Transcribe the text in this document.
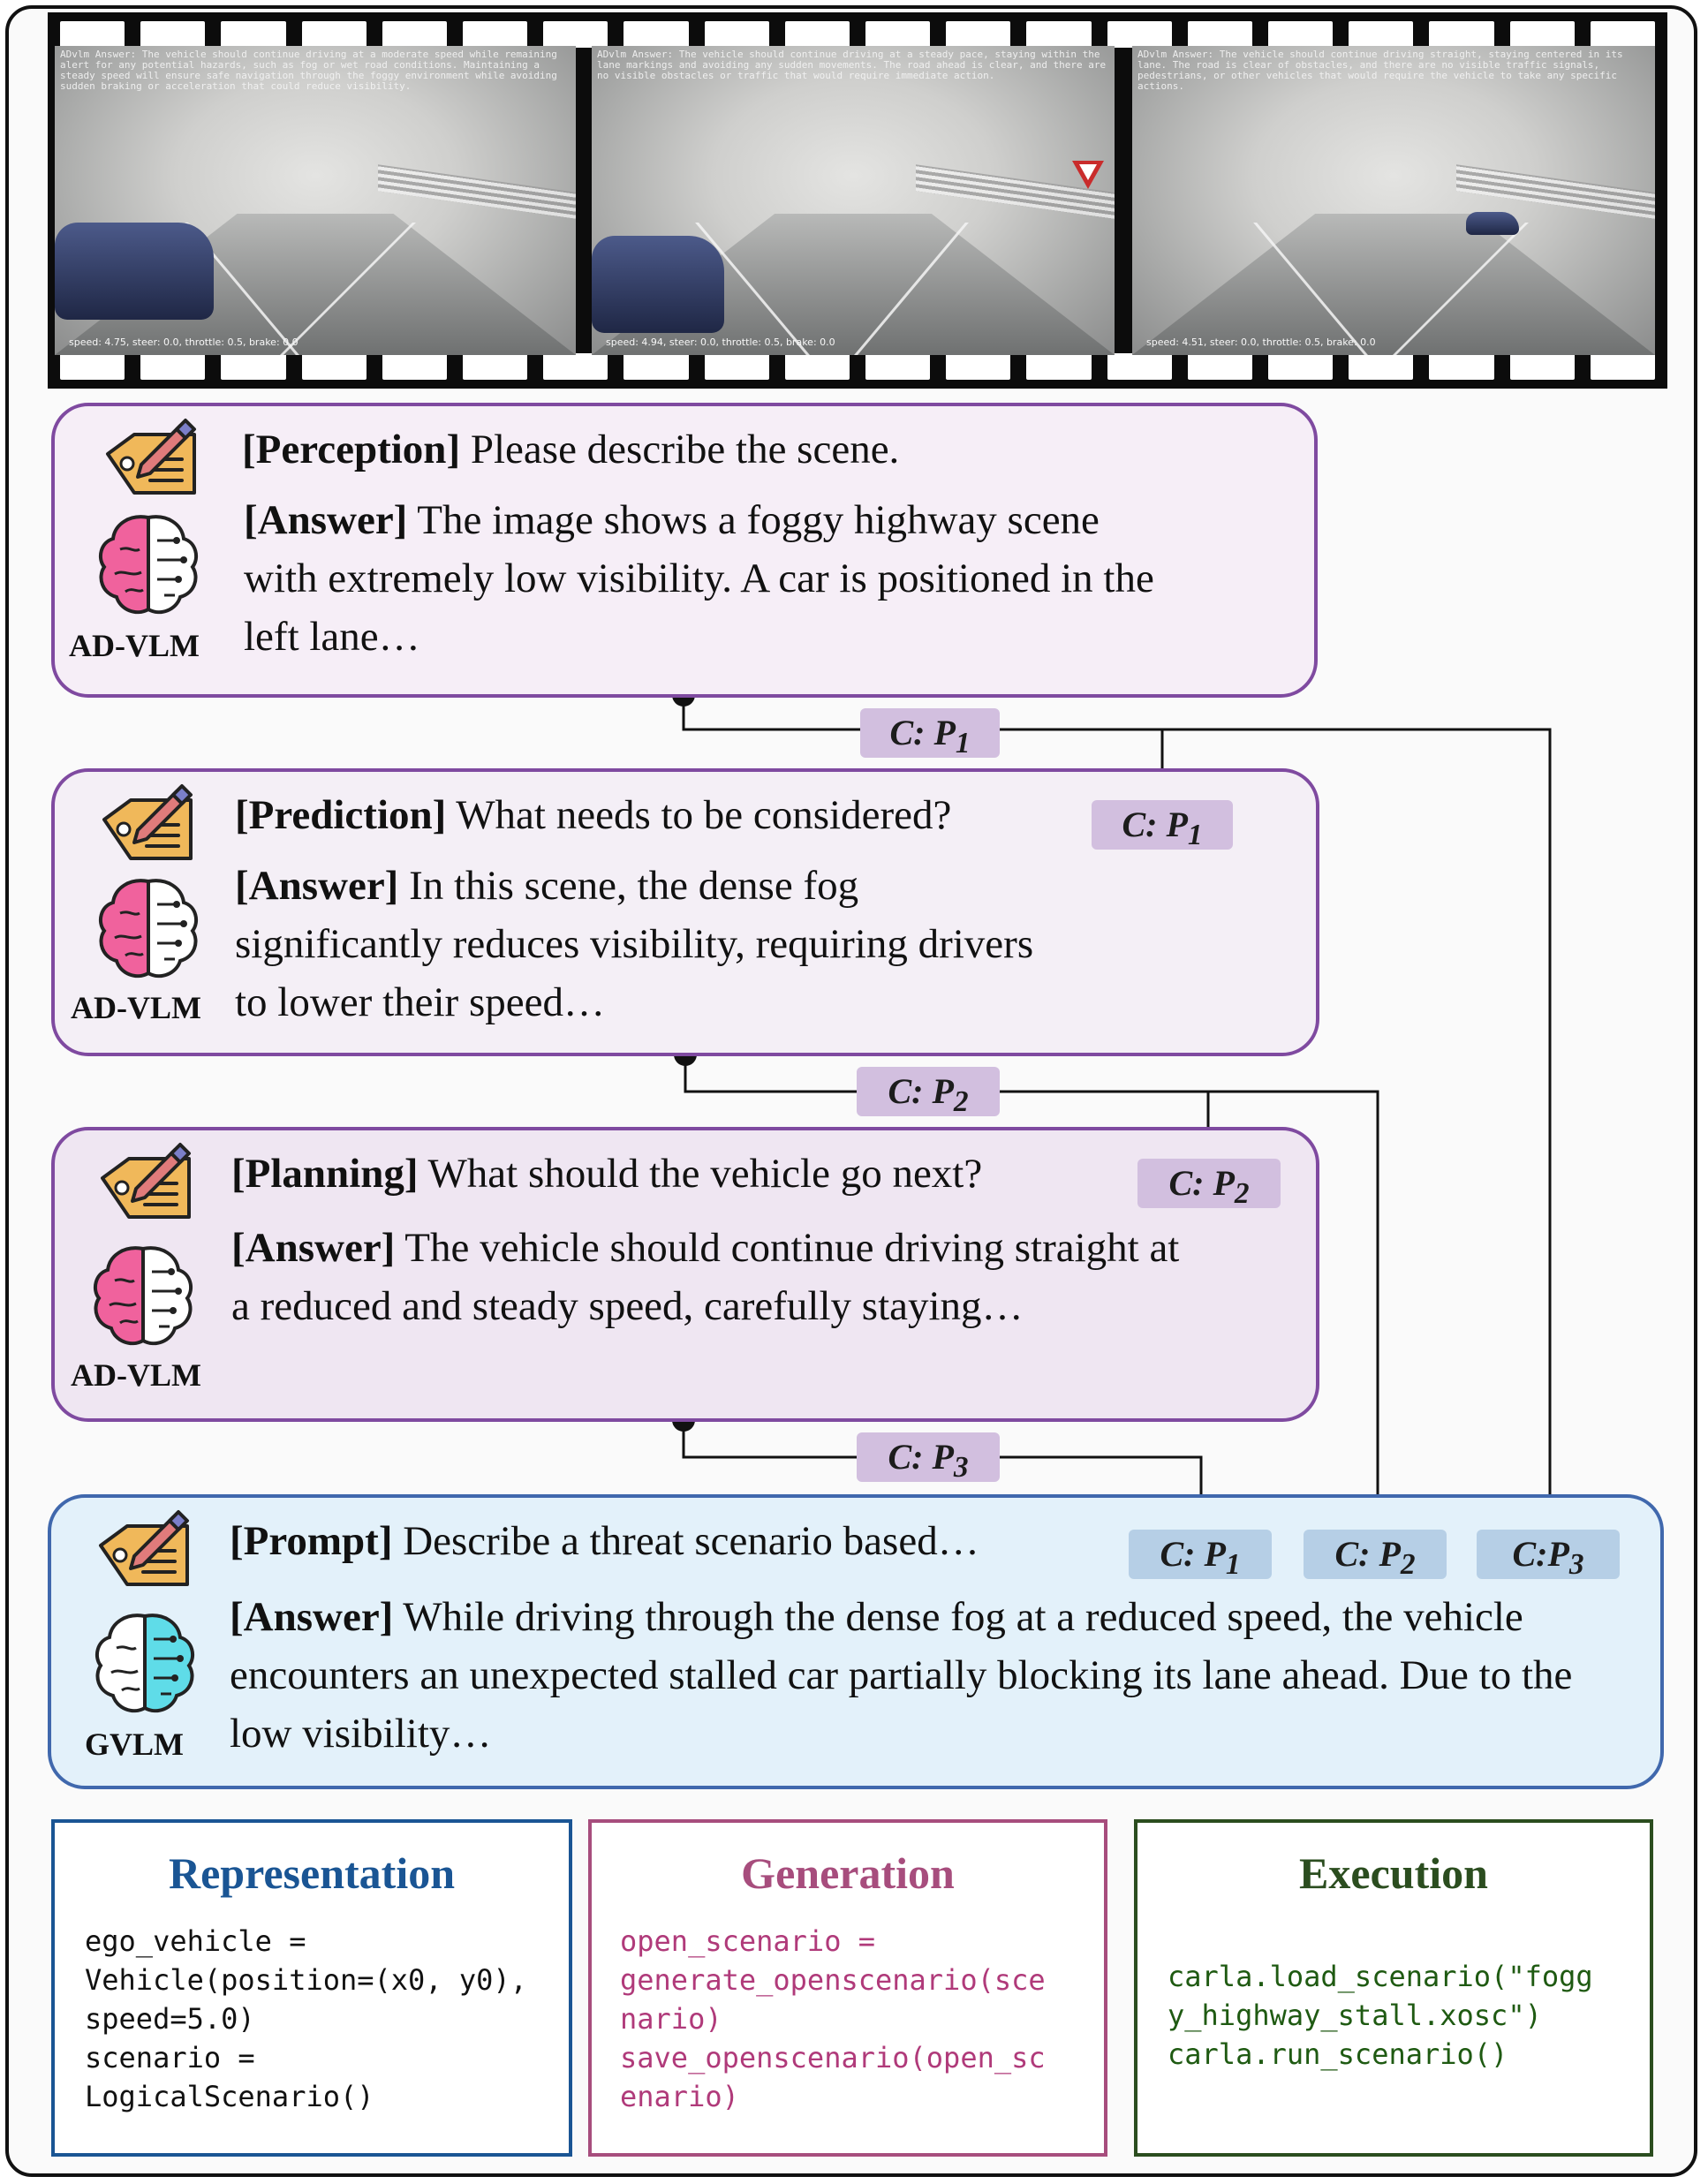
ADvlm Answer: The vehicle should continue driving at a moderate speed while remaining alert for any potential hazards, such as fog or wet road conditions. Maintaining a steady speed will ensure safe navigation through the foggy environment while avoiding sudden braking or acceleration that could reduce visibility.
speed: 4.75, steer: 0.0, throttle: 0.5, brake: 0.0
ADvlm Answer: The vehicle should continue driving at a steady pace, staying within the lane markings and avoiding any sudden movements. The road ahead is clear, and there are no visible obstacles or traffic that would require immediate action.
speed: 4.94, steer: 0.0, throttle: 0.5, brake: 0.0
ADvlm Answer: The vehicle should continue driving straight, staying centered in its lane. The road is clear of obstacles, and there are no visible traffic signals, pedestrians, or other vehicles that would require the vehicle to take any specific actions.
speed: 4.51, steer: 0.0, throttle: 0.5, brake: 0.0
AD-VLM
[Perception] Please describe the scene.
[Answer] The image shows a foggy highway scene with extremely low visibility. A car is positioned in the left lane…
C: $P_1$
AD-VLM
[Prediction] What needs to be considered?
[Answer] In this scene, the dense fog significantly reduces visibility, requiring drivers to lower their speed…
C: $P_1$
C: $P_2$
AD-VLM
[Planning] What should the vehicle go next?
[Answer] The vehicle should continue driving straight at a reduced and steady speed, carefully staying…
C: $P_2$
C: $P_3$
GVLM
[Prompt] Describe a threat scenario based…
[Answer] While driving through the dense fog at a reduced speed, the vehicle encounters an unexpected stalled car partially blocking its lane ahead. Due to the low visibility…
C: $P_1$	C: $P_2$	$C:P_3$
Representation
ego_vehicle =
Vehicle(position=(x0, y0),
speed=5.0)
scenario =
LogicalScenario()
Generation
open_scenario =
generate_openscenario(sce
nario)
save_openscenario(open_sc
enario)
Execution
carla.load_scenario("fogg
y_highway_stall.xosc")
carla.run_scenario()
